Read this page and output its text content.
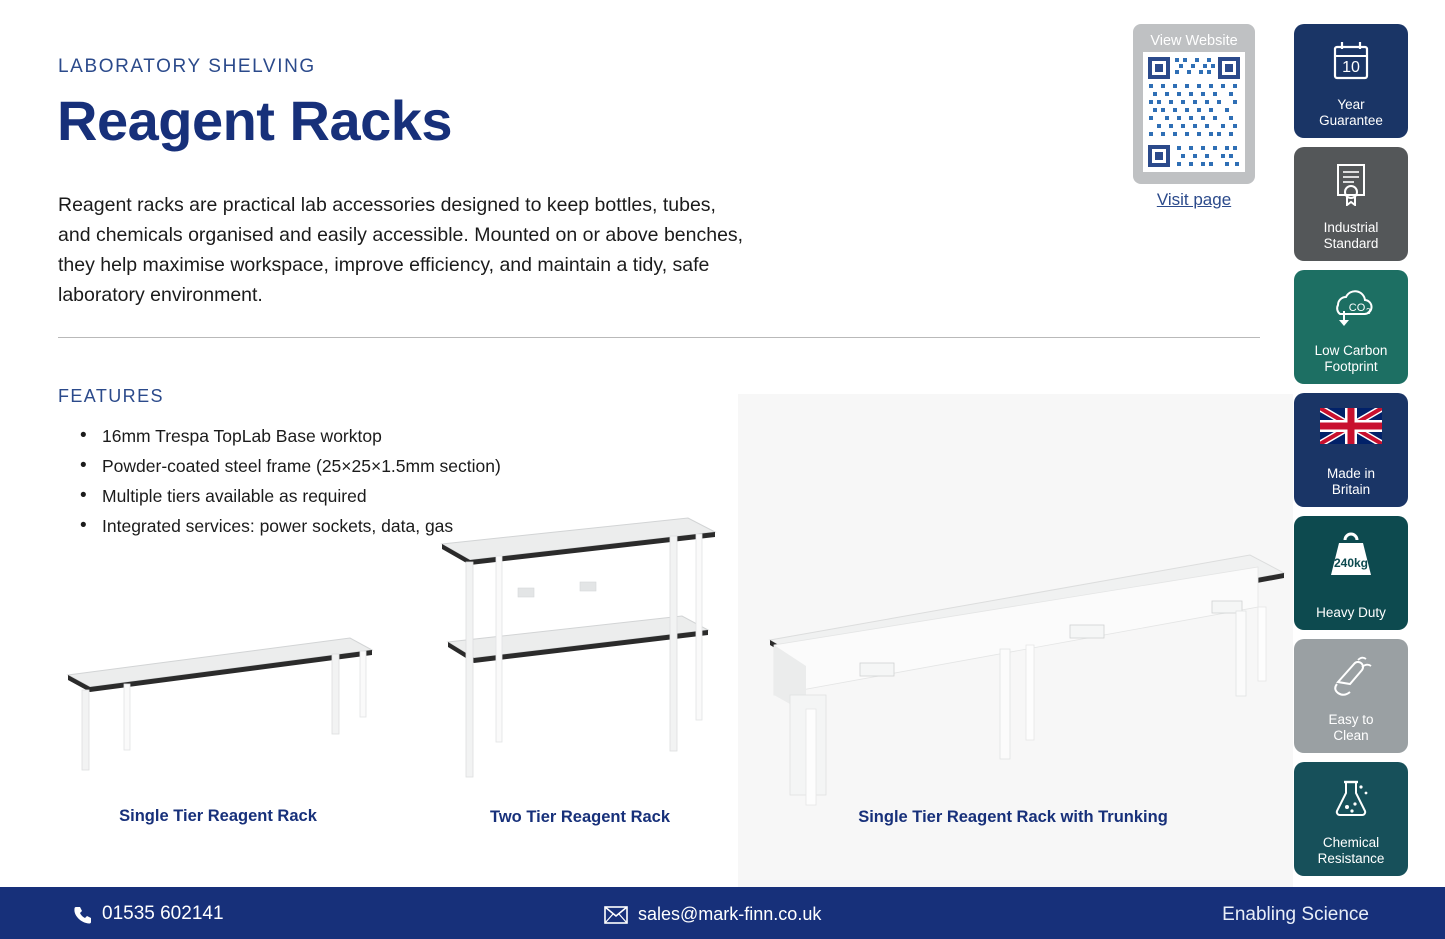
LABORATORY SHELVING
Reagent Racks

Reagent racks are practical lab accessories designed to keep bottles, tubes, and chemicals organised and easily accessible. Mounted on or above benches, they help maximise workspace, improve efficiency, and maintain a tidy, safe laboratory environment.

FEATURES
• 16mm Trespa TopLab Base worktop
• Powder-coated steel frame (25×25×1.5mm section)
• Multiple tiers available as required
• Integrated services: power sockets, data, gas
Single Tier Reagent Rack	Two Tier Reagent Rack	Single Tier Reagent Rack with Trunking
View Website
Visit page
10
Year
Guarantee
Industrial
Standard
CO 2
Low Carbon
Footprint
Made in
Britain
240kg
Heavy Duty
Easy to
Clean
Chemical
Resistance
01535 602141	sales@mark-finn.co.uk	Enabling Science
